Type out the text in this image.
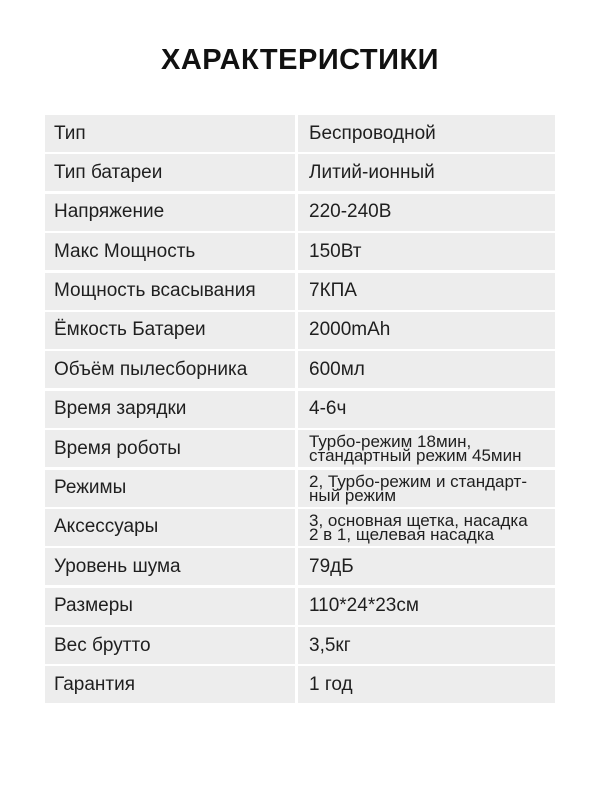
ХАРАКТЕРИСТИКИ
Тип	Беспроводной
Тип батареи	Литий-ионный
Напряжение	220-240В
Макс Мощность	150Вт
Мощность всасывания	7КПА
Ёмкость Батареи	2000mAh
Объём пылесборника	600мл
Время зарядки	4-6ч
Время роботы	Турбо-режим 18мин,
стандартный режим 45мин
Режимы	2, Турбо-режим и стандарт-
ный режим
Аксессуары	3, основная щетка, насадка
2 в 1, щелевая насадка
Уровень шума	79дБ
Размеры	110*24*23см
Вес брутто	3,5кг
Гарантия	1 год
